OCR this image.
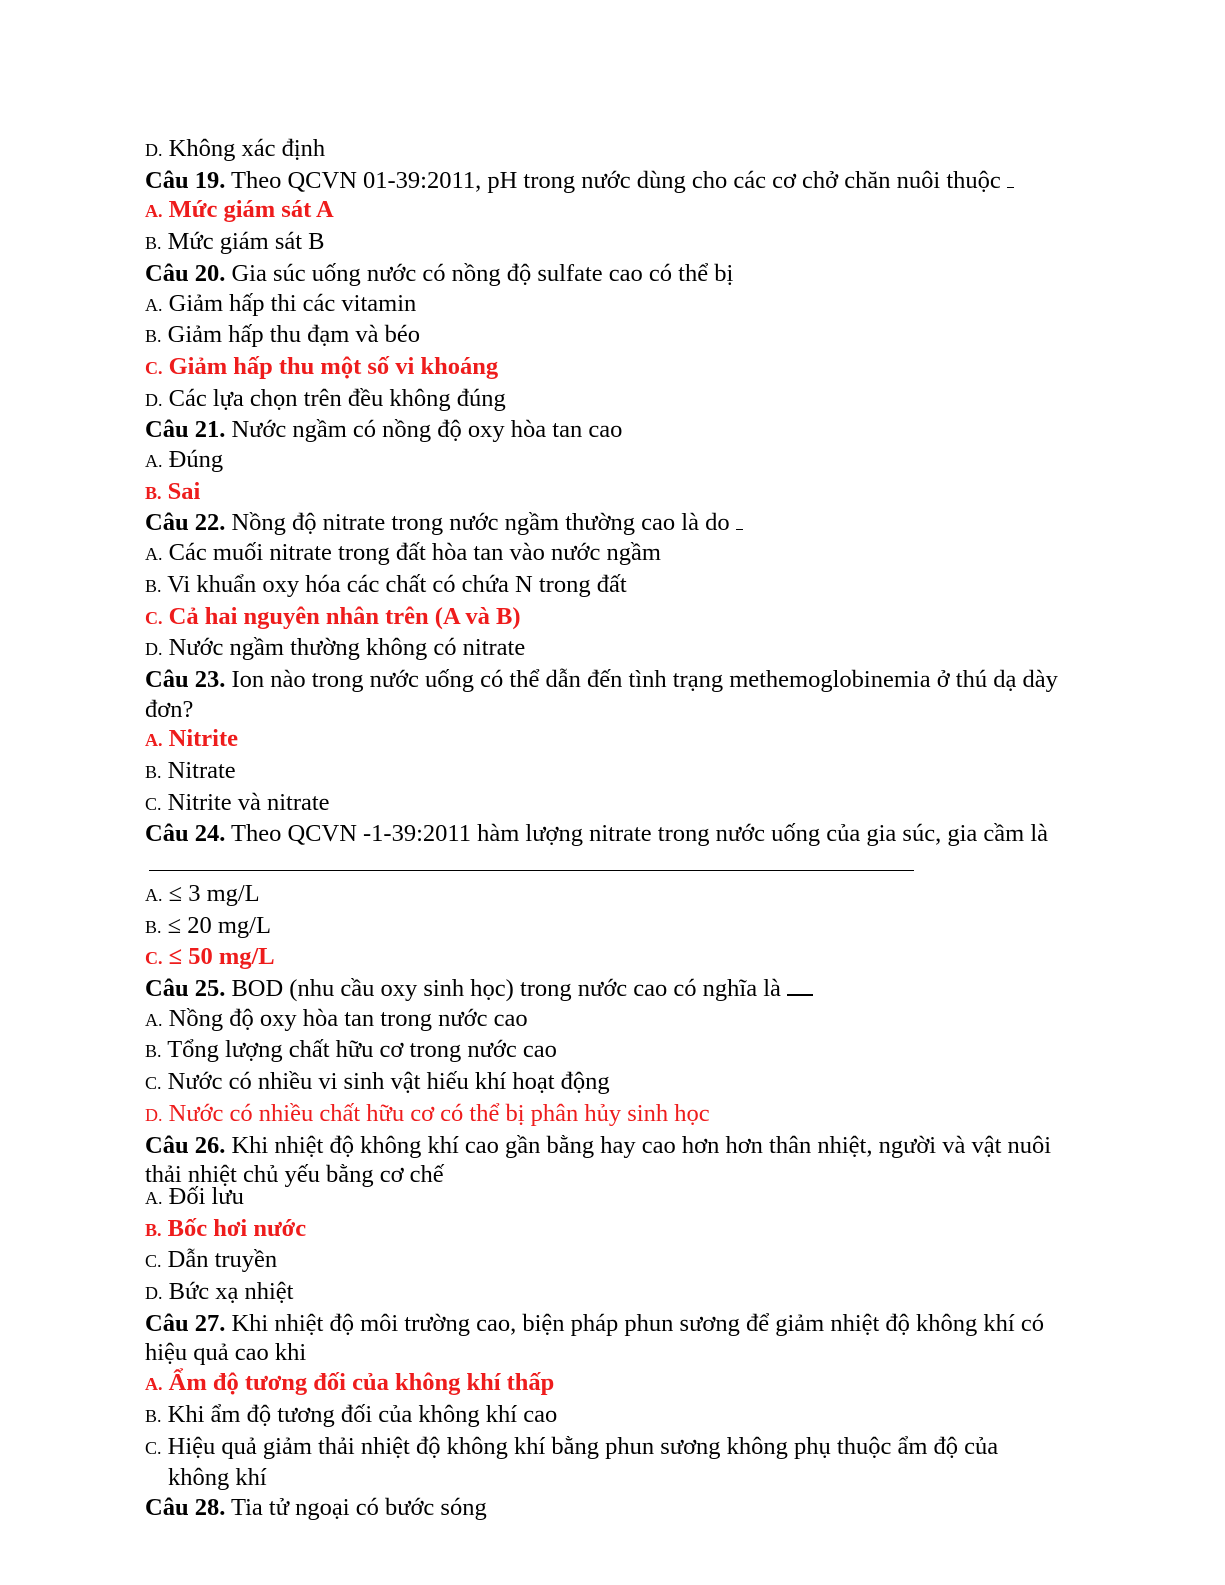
D. Không xác định
Câu 19. Theo QCVN 01-39:2011, pH trong nước dùng cho các cơ chở chăn nuôi thuộc
A. Mức giám sát A
B. Mức giám sát B
Câu 20. Gia súc uống nước có nồng độ sulfate cao có thể bị
A. Giảm hấp thi các vitamin
B. Giảm hấp thu đạm và béo
C. Giảm hấp thu một số vi khoáng
D. Các lựa chọn trên đều không đúng
Câu 21. Nước ngầm có nồng độ oxy hòa tan cao
A. Đúng
B. Sai
Câu 22. Nồng độ nitrate trong nước ngầm thường cao là do
A. Các muối nitrate trong đất hòa tan vào nước ngầm
B. Vi khuẩn oxy hóa các chất có chứa N trong đất
C. Cả hai nguyên nhân trên (A và B)
D. Nước ngầm thường không có nitrate
Câu 23. Ion nào trong nước uống có thể dẫn đến tình trạng methemoglobinemia ở thú dạ dày đơn?
A. Nitrite
B. Nitrate
C. Nitrite và nitrate
Câu 24. Theo QCVN -1-39:2011 hàm lượng nitrate trong nước uống của gia súc, gia cầm là
A. ≤ 3 mg/L
B. ≤ 20 mg/L
C. ≤ 50 mg/L
Câu 25. BOD (nhu cầu oxy sinh học) trong nước cao có nghĩa là
A. Nồng độ oxy hòa tan trong nước cao
B. Tổng lượng chất hữu cơ trong nước cao
C. Nước có nhiều vi sinh vật hiếu khí hoạt động
D. Nước có nhiều chất hữu cơ có thể bị phân hủy sinh học
Câu 26. Khi nhiệt độ không khí cao gần bằng hay cao hơn hơn thân nhiệt, người và vật nuôi thải nhiệt chủ yếu bằng cơ chế
A. Đối lưu
B. Bốc hơi nước
C. Dẫn truyền
D. Bức xạ nhiệt
Câu 27. Khi nhiệt độ môi trường cao, biện pháp phun sương để giảm nhiệt độ không khí có hiệu quả cao khi
A. Ẩm độ tương đối của không khí thấp
B. Khi ẩm độ tương đối của không khí cao
C. Hiệu quả giảm thải nhiệt độ không khí bằng phun sương không phụ thuộc ẩm độ của
không khí
Câu 28. Tia tử ngoại có bước sóng
